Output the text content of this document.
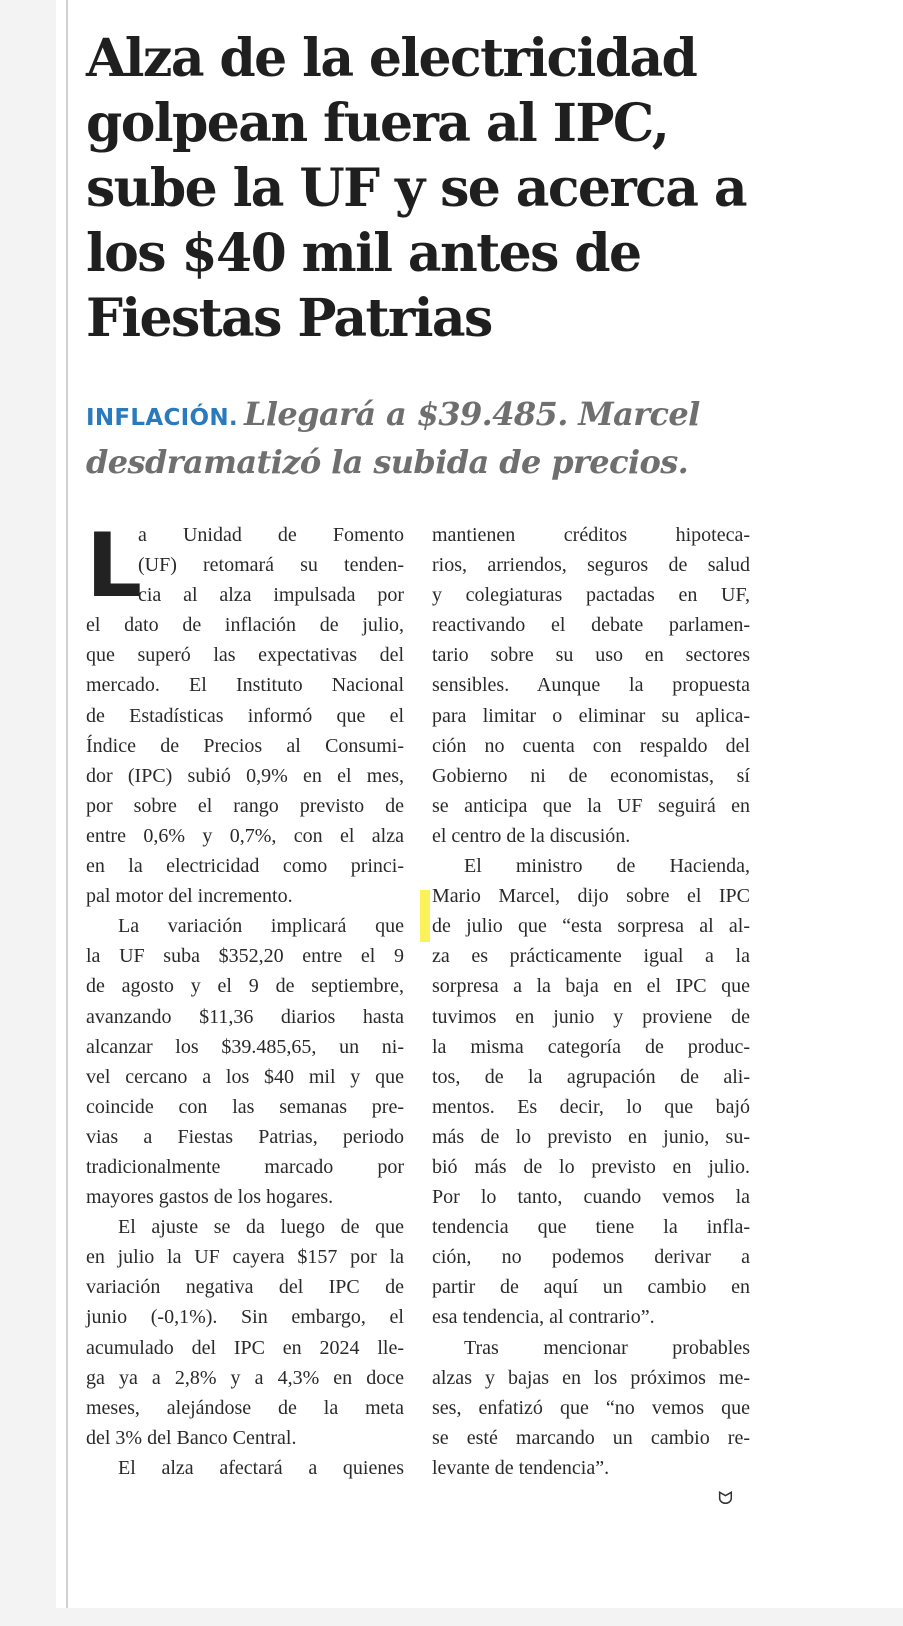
Alza de la electricidad
golpean fuera al IPC,
sube la UF y se acerca a
los $40 mil antes de
Fiestas Patrias
INFLACIÓN. Llegará a $39.485. Marcel
desdramatizó la subida de precios.
L
a Unidad de Fomento
(UF) retomará su tenden-
cia al alza impulsada por
el dato de inflación de julio,
que superó las expectativas del
mercado. El Instituto Nacional
de Estadísticas informó que el
Índice de Precios al Consumi-
dor (IPC) subió 0,9% en el mes,
por sobre el rango previsto de
entre 0,6% y 0,7%, con el alza
en la electricidad como princi-
pal motor del incremento.
La variación implicará que
la UF suba $352,20 entre el 9
de agosto y el 9 de septiembre,
avanzando $11,36 diarios hasta
alcanzar los $39.485,65, un ni-
vel cercano a los $40 mil y que
coincide con las semanas pre-
vias a Fiestas Patrias, periodo
tradicionalmente marcado por
mayores gastos de los hogares.
El ajuste se da luego de que
en julio la UF cayera $157 por la
variación negativa del IPC de
junio (-0,1%). Sin embargo, el
acumulado del IPC en 2024 lle-
ga ya a 2,8% y a 4,3% en doce
meses, alejándose de la meta
del 3% del Banco Central.
El alza afectará a quienes
mantienen créditos hipoteca-
rios, arriendos, seguros de salud
y colegiaturas pactadas en UF,
reactivando el debate parlamen-
tario sobre su uso en sectores
sensibles. Aunque la propuesta
para limitar o eliminar su aplica-
ción no cuenta con respaldo del
Gobierno ni de economistas, sí
se anticipa que la UF seguirá en
el centro de la discusión.
El ministro de Hacienda,
Mario Marcel, dijo sobre el IPC
de julio que “esta sorpresa al al-
za es prácticamente igual a la
sorpresa a la baja en el IPC que
tuvimos en junio y proviene de
la misma categoría de produc-
tos, de la agrupación de ali-
mentos. Es decir, lo que bajó
más de lo previsto en junio, su-
bió más de lo previsto en julio.
Por lo tanto, cuando vemos la
tendencia que tiene la infla-
ción, no podemos derivar a
partir de aquí un cambio en
esa tendencia, al contrario”.
Tras mencionar probables
alzas y bajas en los próximos me-
ses, enfatizó que “no vemos que
se esté marcando un cambio re-
levante de tendencia”.
ᗢ
